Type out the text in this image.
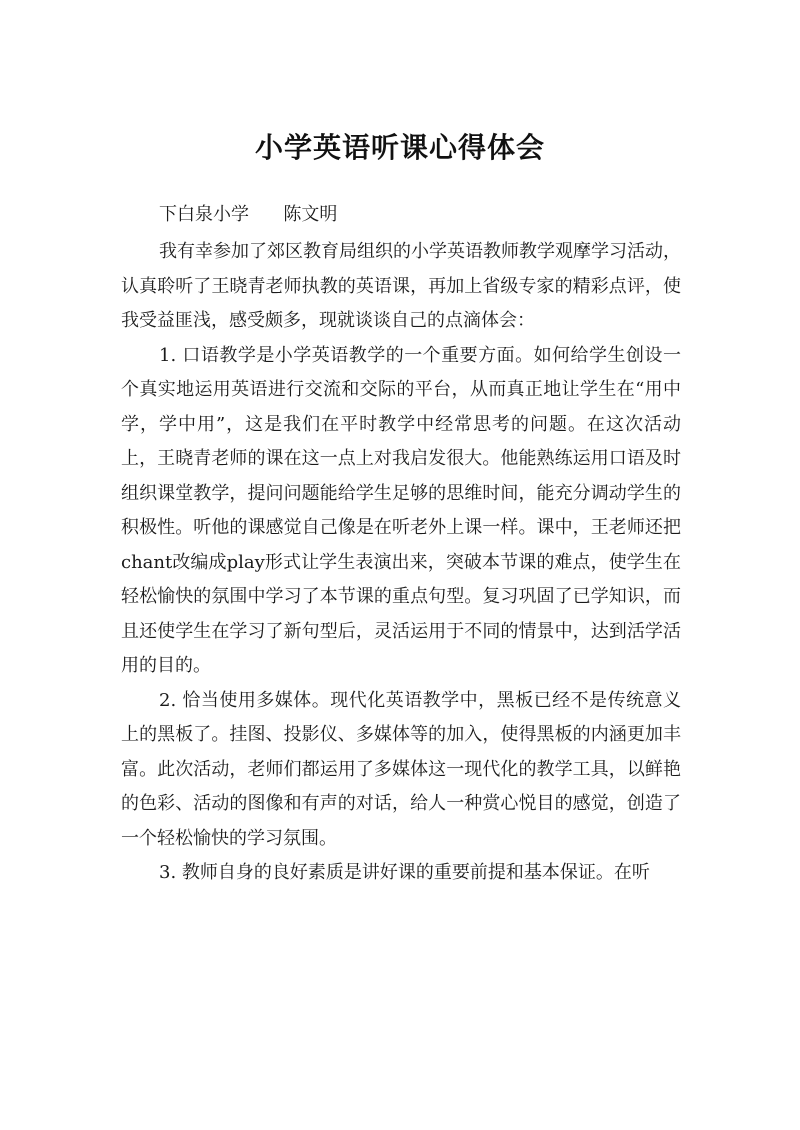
小学英语听课心得体会
下白泉小学      陈文明

我有幸参加了郊区教育局组织的小学英语教师教学观摩学习活动，认真聆听了王晓青老师执教的英语课，再加上省级专家的精彩点评，使我受益匪浅，感受颇多，现就谈谈自己的点滴体会：

1. 口语教学是小学英语教学的一个重要方面。如何给学生创设一个真实地运用英语进行交流和交际的平台，从而真正地让学生在“用中学，学中用”，这是我们在平时教学中经常思考的问题。在这次活动上，王晓青老师的课在这一点上对我启发很大。他能熟练运用口语及时组织课堂教学，提问问题能给学生足够的思维时间，能充分调动学生的积极性。听他的课感觉自己像是在听老外上课一样。课中，王老师还把chant改编成play形式让学生表演出来，突破本节课的难点，使学生在轻松愉快的氛围中学习了本节课的重点句型。复习巩固了已学知识，而且还使学生在学习了新句型后，灵活运用于不同的情景中，达到活学活用的目的。

2. 恰当使用多媒体。现代化英语教学中，黑板已经不是传统意义上的黑板了。挂图、投影仪、多媒体等的加入，使得黑板的内涵更加丰富。此次活动，老师们都运用了多媒体这一现代化的教学工具，以鲜艳的色彩、活动的图像和有声的对话，给人一种赏心悦目的感觉，创造了一个轻松愉快的学习氛围。

3. 教师自身的良好素质是讲好课的重要前提和基本保证。在听
